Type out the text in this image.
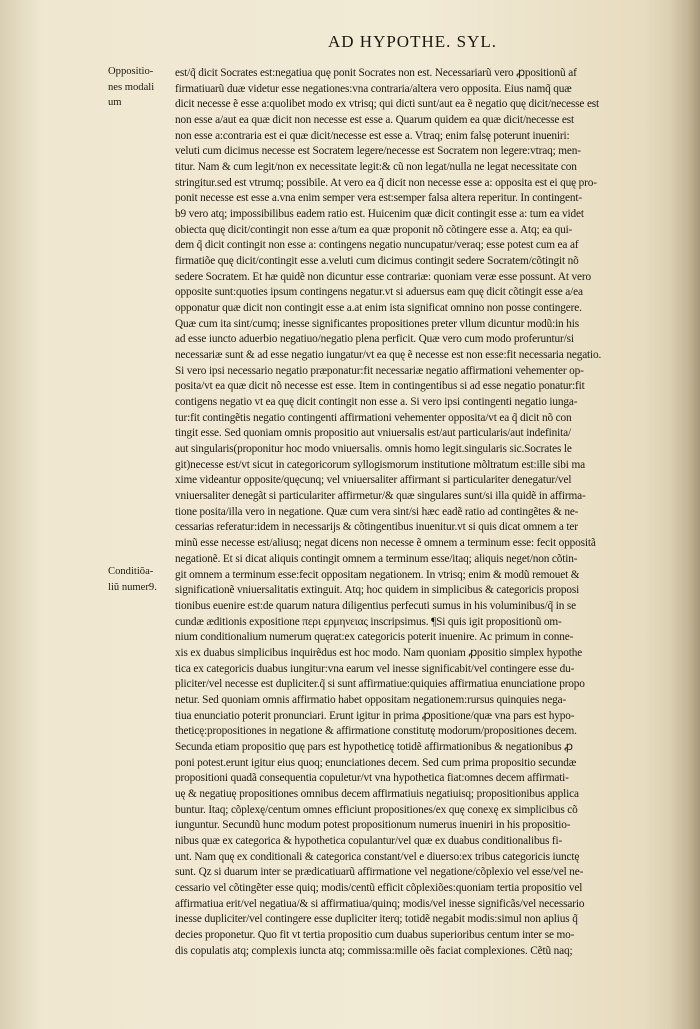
AD HYPOTHE. SYL.
Oppositio-
nes modali
um
Conditiõa-
liũ numer9.
est/q̃ dicit Socrates est:negatiua quę ponit Socrates non est. Necessariarũ vero ꝓpositionũ af
firmatiuarũ duæ videtur esse negationes:vna contraria/altera vero opposita. Eius namq̃ quæ
dicit necesse ẽ esse a:quolibet modo ex vtrisq; qui dicti sunt/aut ea ẽ negatio quę dicit/necesse est
non esse a/aut ea quæ dicit non necesse est esse a. Quarum quidem ea quæ dicit/necesse est
non esse a:contraria est ei quæ dicit/necesse est esse a. Vtraq; enim falsę poterunt inueniri:
veluti cum dicimus necesse est Socratem legere/necesse est Socratem non legere:vtraq; men-
titur. Nam & cum legit/non ex necessitate legit:& cũ non legat/nulla ne legat necessitate con
stringitur.sed est vtrumq; possibile. At vero ea q̃ dicit non necesse esse a: opposita est ei quę pro-
ponit necesse est esse a.vna enim semper vera est:semper falsa altera reperitur. In contingent-
b9 vero atq; impossibilibus eadem ratio est. Huicenim quæ dicit contingit esse a: tum ea videt
obiecta quę dicit/contingit non esse a/tum ea quæ proponit nõ cõtingere esse a. Atq; ea qui-
dem q̃ dicit contingit non esse a: contingens negatio nuncupatur/veraq; esse potest cum ea af
firmatiõe quę dicit/contingit esse a.veluti cum dicimus contingit sedere Socratem/cõtingit nõ
sedere Socratem. Et hæ quidẽ non dicuntur esse contrariæ: quoniam veræ esse possunt. At vero
opposite sunt:quoties ipsum contingens negatur.vt si aduersus eam quę dicit cõtingit esse a/ea
opponatur quæ dicit non contingit esse a.at enim ista significat omnino non posse contingere.
Quæ cum ita sint/cumq; inesse significantes propositiones preter vllum dicuntur modũ:in his
ad esse iuncto aduerbio negatiuo/negatio plena perficit. Quæ vero cum modo proferuntur/si
necessariæ sunt & ad esse negatio iungatur/vt ea quę ẽ necesse est non esse:fit necessaria negatio.
Si vero ipsi necessario negatio præponatur:fit necessariæ negatio affirmationi vehementer op-
posita/vt ea quæ dicit nõ necesse est esse. Item in contingentibus si ad esse negatio ponatur:fit
contigens negatio vt ea quę dicit contingit non esse a. Si vero ipsi contingenti negatio iunga-
tur:fit contingẽtis negatio contingenti affirmationi vehementer opposita/vt ea q̃ dicit nõ con
tingit esse. Sed quoniam omnis propositio aut vniuersalis est/aut particularis/aut indefinita/
aut singularis(proponitur hoc modo vniuersalis. omnis homo legit.singularis sic.Socrates le
git)necesse est/vt sicut in categoricorum syllogismorum institutione mõltratum est:ille sibi ma
xime videantur opposite/quęcunq; vel vniuersaliter affirmant si particulariter denegatur/vel
vniuersaliter denegãt si particulariter affirmetur/& quæ singulares sunt/si illa quidẽ in affirma-
tione posita/illa vero in negatione. Quæ cum vera sint/si hæc eadẽ ratio ad contingẽtes & ne-
cessarias referatur:idem in necessarijs & cõtingentibus inuenitur.vt si quis dicat omnem a ter
minũ esse necesse est/aliusq; negat dicens non necesse ẽ omnem a terminum esse: fecit oppositã
negationẽ. Et si dicat aliquis contingit omnem a terminum esse/itaq; aliquis neget/non cõtin-
git omnem a terminum esse:fecit oppositam negationem. In vtrisq; enim & modũ remouet &
significationẽ vniuersalitatis extinguit. Atq; hoc quidem in simplicibus & categoricis proposi
tionibus euenire est:de quarum natura diligentius perfecuti sumus in his voluminibus/q̃ in se
cundæ æditionis expositione περι ερμηνειας inscripsimus. ¶Si quis igit propositionũ om-
nium conditionalium numerum quęrat:ex categoricis poterit inuenire. Ac primum in conne-
xis ex duabus simplicibus inquirẽdus est hoc modo. Nam quoniam ꝓpositio simplex hypothe
tica ex categoricis duabus iungitur:vna earum vel inesse significabit/vel contingere esse du-
pliciter/vel necesse est dupliciter.q̃ si sunt affirmatiue:quiquies affirmatiua enunciatione propo
netur. Sed quoniam omnis affirmatio habet oppositam negationem:rursus quinquies nega-
tiua enunciatio poterit pronunciari. Erunt igitur in prima ꝓpositione/quæ vna pars est hypo-
theticę:propositiones in negatione & affirmatione constitutę modorum/propositiones decem.
Secunda etiam propositio quę pars est hypotheticę totidẽ affirmationibus & negationibus ꝓ
poni potest.erunt igitur eius quoq; enunciationes decem. Sed cum prima propositio secundæ
propositioni quadã consequentia copuletur/vt vna hypothetica fiat:omnes decem affirmati-
uę & negatiuę propositiones omnibus decem affirmatiuis negatiuisq; propositionibus applica
buntur. Itaq; cõplexę/centum omnes efficiunt propositiones/ex quę conexę ex simplicibus cõ
iunguntur. Secundũ hunc modum potest propositionum numerus inueniri in his propositio-
nibus quæ ex categorica & hypothetica copulantur/vel quæ ex duabus conditionalibus fi-
unt. Nam quę ex conditionali & categorica constant/vel e diuerso:ex tribus categoricis iunctę
sunt. Qz si duarum inter se prædicatiuarũ affirmatione vel negatione/cõplexio vel esse/vel ne-
cessario vel cõtingẽter esse quiq; modis/centũ efficit cõplexiões:quoniam tertia propositio vel
affirmatiua erit/vel negatiua/& si affirmatiua/quinq; modis/vel inesse significãs/vel necessario
inesse dupliciter/vel contingere esse dupliciter iterq; totidẽ negabit modis:simul non aplius q̃
decies proponetur. Quo fit vt tertia propositio cum duabus superioribus centum inter se mo-
dis copulatis atq; complexis iuncta atq; commissa:mille oẽs faciat complexiones. Cẽtũ naq;
